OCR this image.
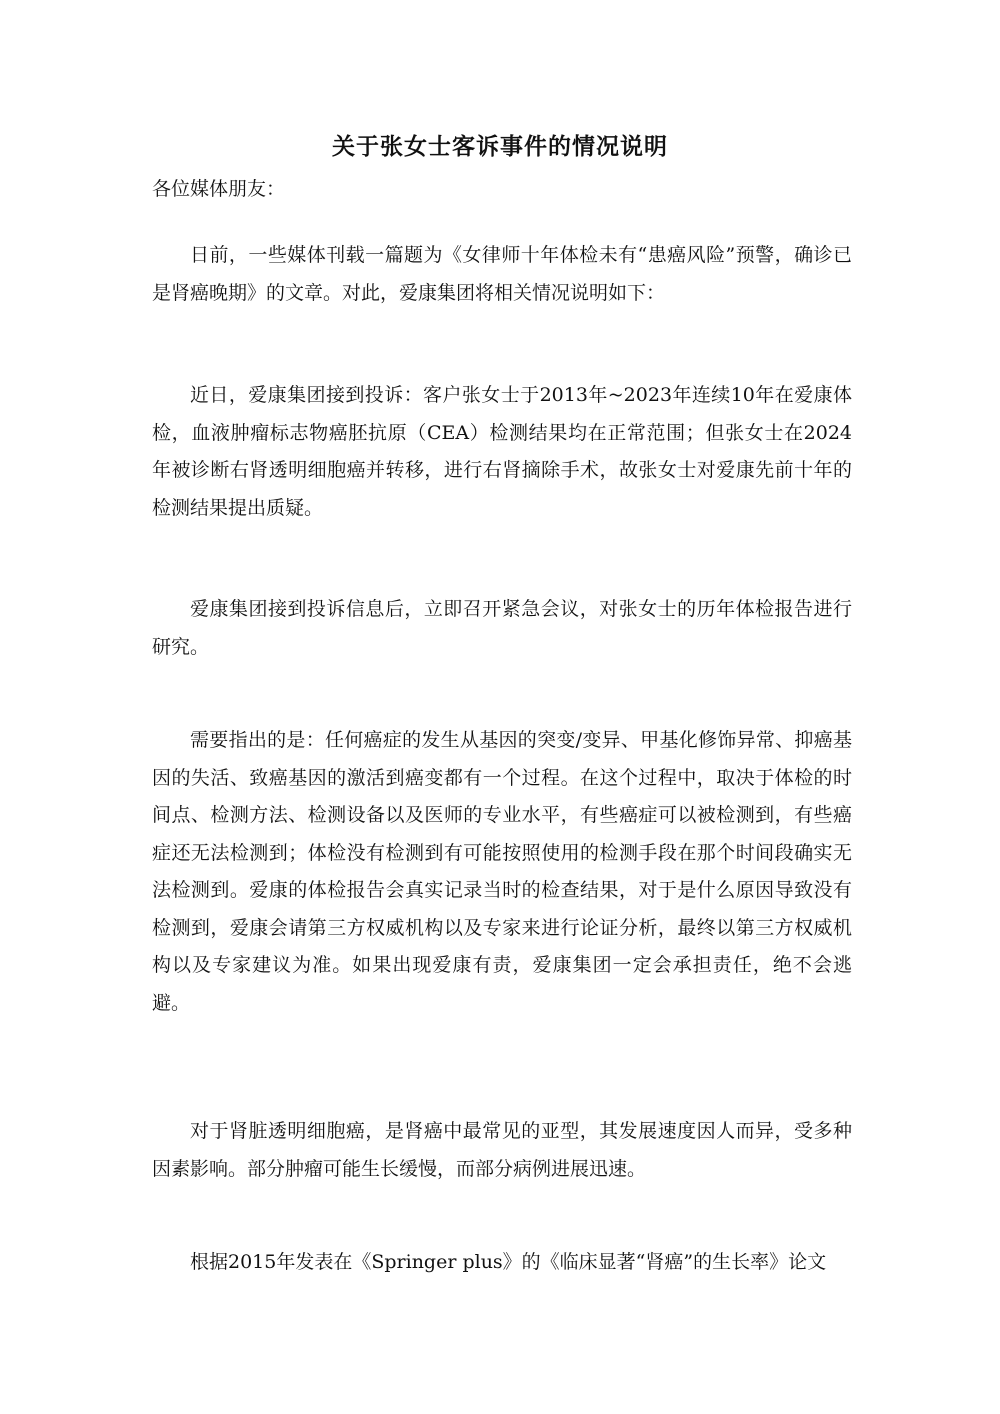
关于张女士客诉事件的情况说明
各位媒体朋友：

日前，一些媒体刊载一篇题为《女律师十年体检未有“患癌风险”预警，确诊已是肾癌晚期》的文章。对此，爱康集团将相关情况说明如下：

近日，爱康集团接到投诉：客户张女士于2013年~2023年连续10年在爱康体检，血液肿瘤标志物癌胚抗原（CEA）检测结果均在正常范围；但张女士在2024 年被诊断右肾透明细胞癌并转移，进行右肾摘除手术，故张女士对爱康先前十年的检测结果提出质疑。

爱康集团接到投诉信息后，立即召开紧急会议，对张女士的历年体检报告进行研究。

需要指出的是：任何癌症的发生从基因的突变/变异、甲基化修饰异常、抑癌基因的失活、致癌基因的激活到癌变都有一个过程。在这个过程中，取决于体检的时间点、检测方法、检测设备以及医师的专业水平，有些癌症可以被检测到，有些癌症还无法检测到；体检没有检测到有可能按照使用的检测手段在那个时间段确实无法检测到。爱康的体检报告会真实记录当时的检查结果，对于是什么原因导致没有检测到，爱康会请第三方权威机构以及专家来进行论证分析，最终以第三方权威机构以及专家建议为准。如果出现爱康有责，爱康集团一定会承担责任，绝不会逃避。

对于肾脏透明细胞癌，是肾癌中最常见的亚型，其发展速度因人而异，受多种因素影响。部分肿瘤可能生长缓慢，而部分病例进展迅速。

根据2015年发表在《Springer plus》的《临床显著“肾癌”的生长率》论文
